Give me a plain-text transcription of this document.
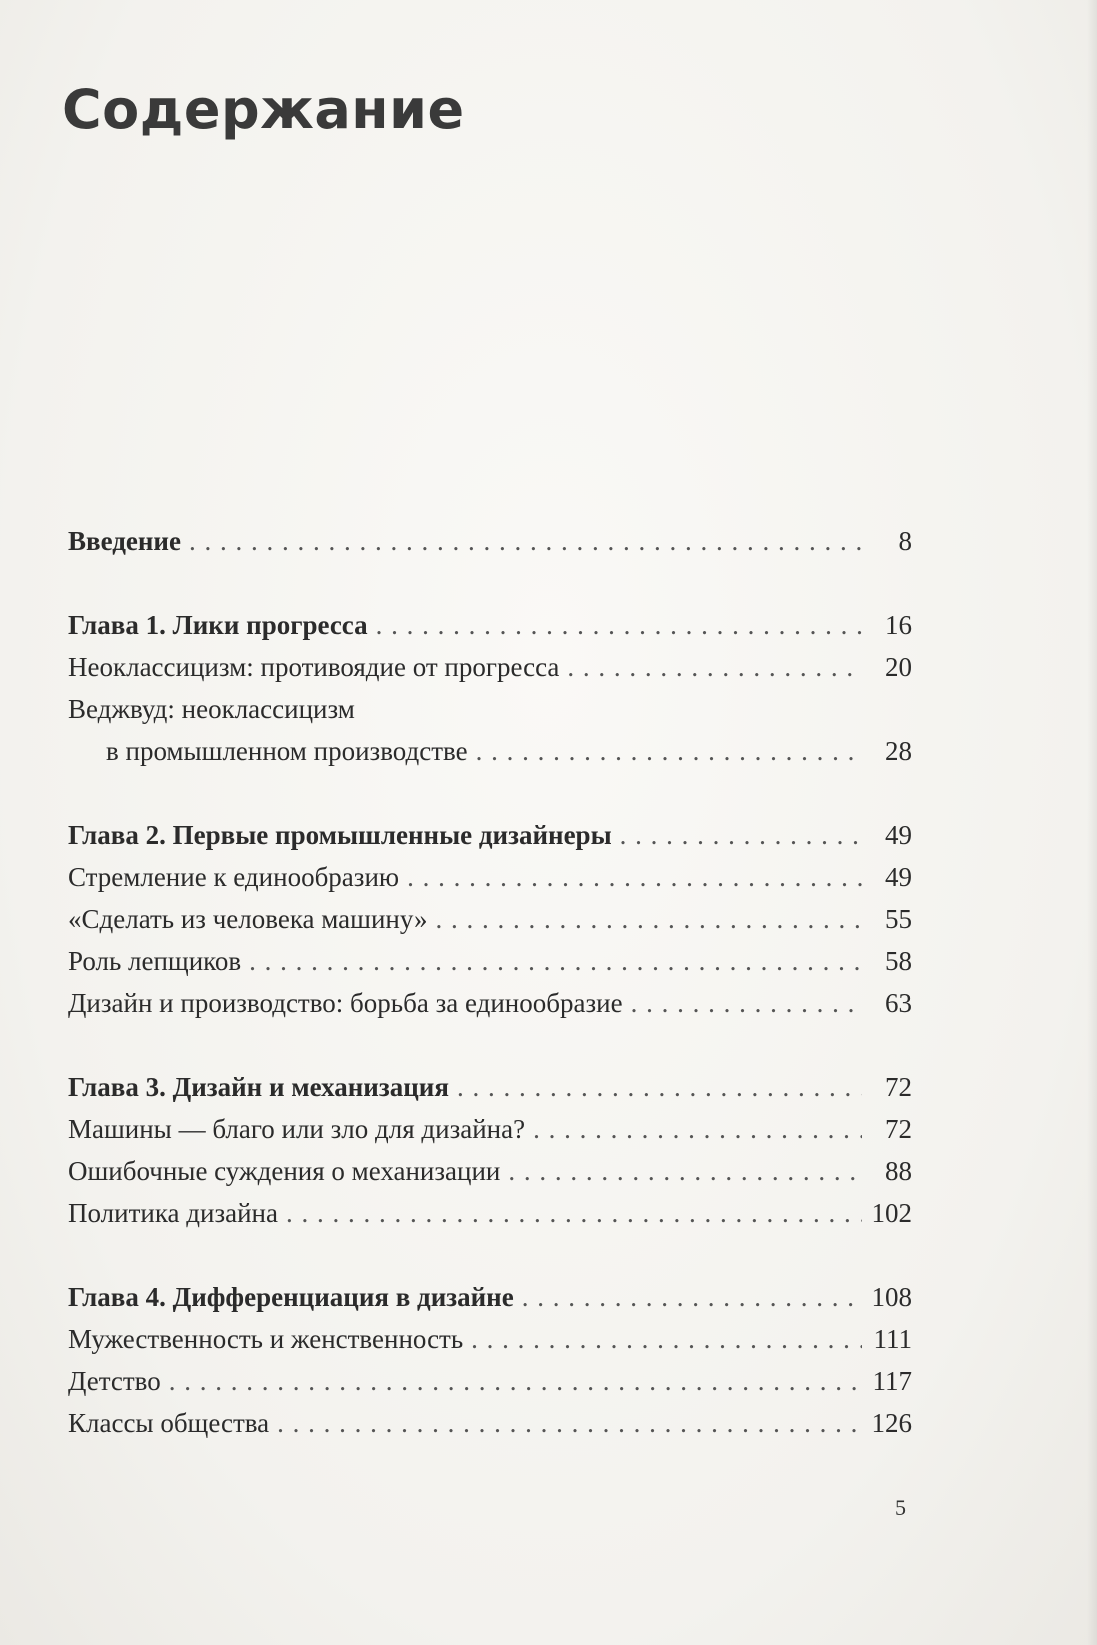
Содержание
Введение . . .	8
Глава 1. Лики прогресса . . .	16
Неоклассицизм: противоядие от прогресса . . .	20
Веджвуд: неоклассицизм
в промышленном производстве . . .	28
Глава 2. Первые промышленные дизайнеры . . .	49
Стремление к единообразию . . .	49
«Сделать из человека машину» . . .	55
Роль лепщиков . . .	58
Дизайн и производство: борьба за единообразие . . .	63
Глава 3. Дизайн и механизация . . .	72
Машины — благо или зло для дизайна? . . .	72
Ошибочные суждения о механизации . . .	88
Политика дизайна . . .	102
Глава 4. Дифференциация в дизайне . . .	108
Мужественность и женственность . . .	111
Детство . . .	117
Классы общества . . .	126
5
